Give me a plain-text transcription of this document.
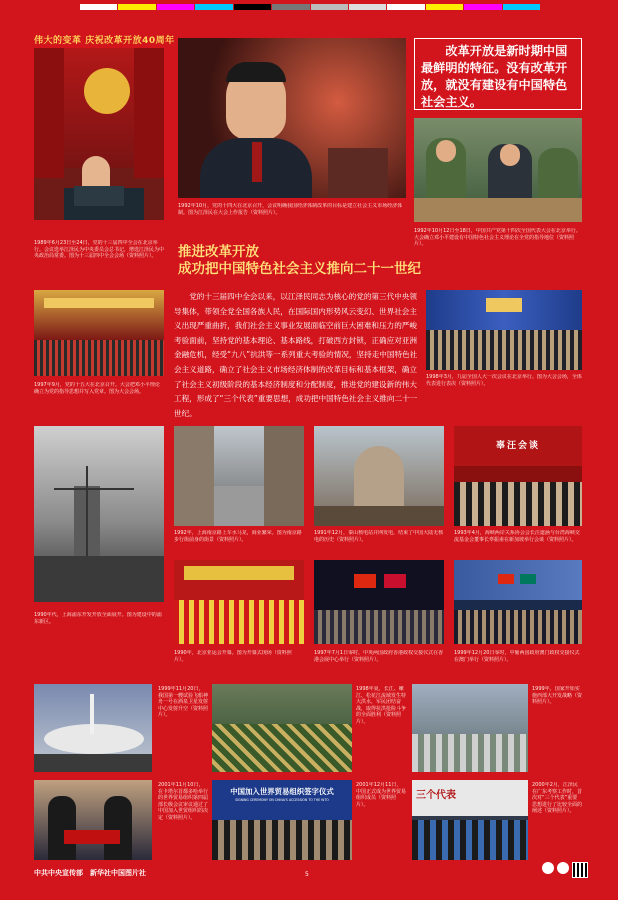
伟大的变革 庆祝改革开放40周年
1989年6月23日至24日，党的十三届四中全会在北京举行。会议选举江泽民为中央委员会总书记，增选江泽民为中央政治局常委。图为十三届四中全会会场（资料照片）。
1992年10月，党的十四大在北京召开，会议明确我国经济体制改革的目标是建立社会主义市场经济体制。图为江泽民在大会上作报告（资料照片）。
改革开放是新时期中国最鲜明的特征。没有改革开放，就没有建设有中国特色社会主义。
1992年10月12日至18日，中国共产党第十四次全国代表大会在北京举行。大会确立邓小平建设有中国特色社会主义理论在全党的指导地位（资料照片）。
推进改革开放
成功把中国特色社会主义推向二十一世纪
党的十三届四中全会以来，以江泽民同志为核心的党的第三代中央领导集体，带领全党全国各族人民，在国际国内形势风云变幻、世界社会主义出现严重曲折，我们社会主义事业发展面临空前巨大困难和压力的严峻考验面前，坚持党的基本理论、基本路线，打破西方封锁，正确应对亚洲金融危机，经受“九八”抗洪等一系列重大考验的情况，坚持走中国特色社会主义道路，确立了社会主义市场经济体制的改革目标和基本框架，确立了社会主义初级阶段的基本经济制度和分配制度，推进党的建设新的伟大工程，形成了“三个代表”重要思想，成功把中国特色社会主义推向二十一世纪。
1997年9月，党的十五大在北京召开。大会把邓小平理论确立为党的指导思想并写入党章。图为大会会场。
1998年3月，九届全国人大一次会议在北京举行。图为大会会场，全体代表进行表决（资料照片）。
1990年代，上海浦东开发开放全面展开。图为建设中的浦东新区。
1992年，上海南京路上车水马龙，商业繁荣。图为南京路步行街前身的街景（资料照片）。
1991年12月，秦山核电站并网发电，结束了中国大陆无核电的历史（资料照片）。
辜汪会谈
1993年4月，海峡两岸关系协会会长汪道涵与台湾海峡交流基金会董事长辜振甫在新加坡举行会谈（资料照片）。
1990年，北京亚运会开幕。图为开幕式现场（资料照片）。
1997年7月1日零时，中英两国政府香港政权交接仪式在香港会展中心举行（资料照片）。
1999年12月20日零时，中葡两国政府澳门政权交接仪式在澳门举行（资料照片）。
1999年11月20日，我国第一艘试验飞船神舟一号在酒泉卫星发射中心发射升空（资料照片）。
1998年夏，长江、嫩江、松花江流域发生特大洪水，军民团结奋战，取得抗洪抢险斗争的全面胜利（资料照片）。
1999年，国家开始实施西部大开发战略（资料照片）。
2001年11月10日，在卡塔尔首都多哈举行的世界贸易组织第四届部长级会议审议通过了中国加入世贸组织的决定（资料照片）。
中国加入世界贸易组织签字仪式
SIGNING CEREMONY ON CHINA'S ACCESSION TO THE WTO
2001年12月11日，中国正式成为世界贸易组织成员（资料照片）。
三个代表
2000年2月，江泽民在广东考察工作时，首次对“三个代表”重要思想进行了比较全面的阐述（资料照片）。
中共中央宣传部　新华社中国图片社	5
